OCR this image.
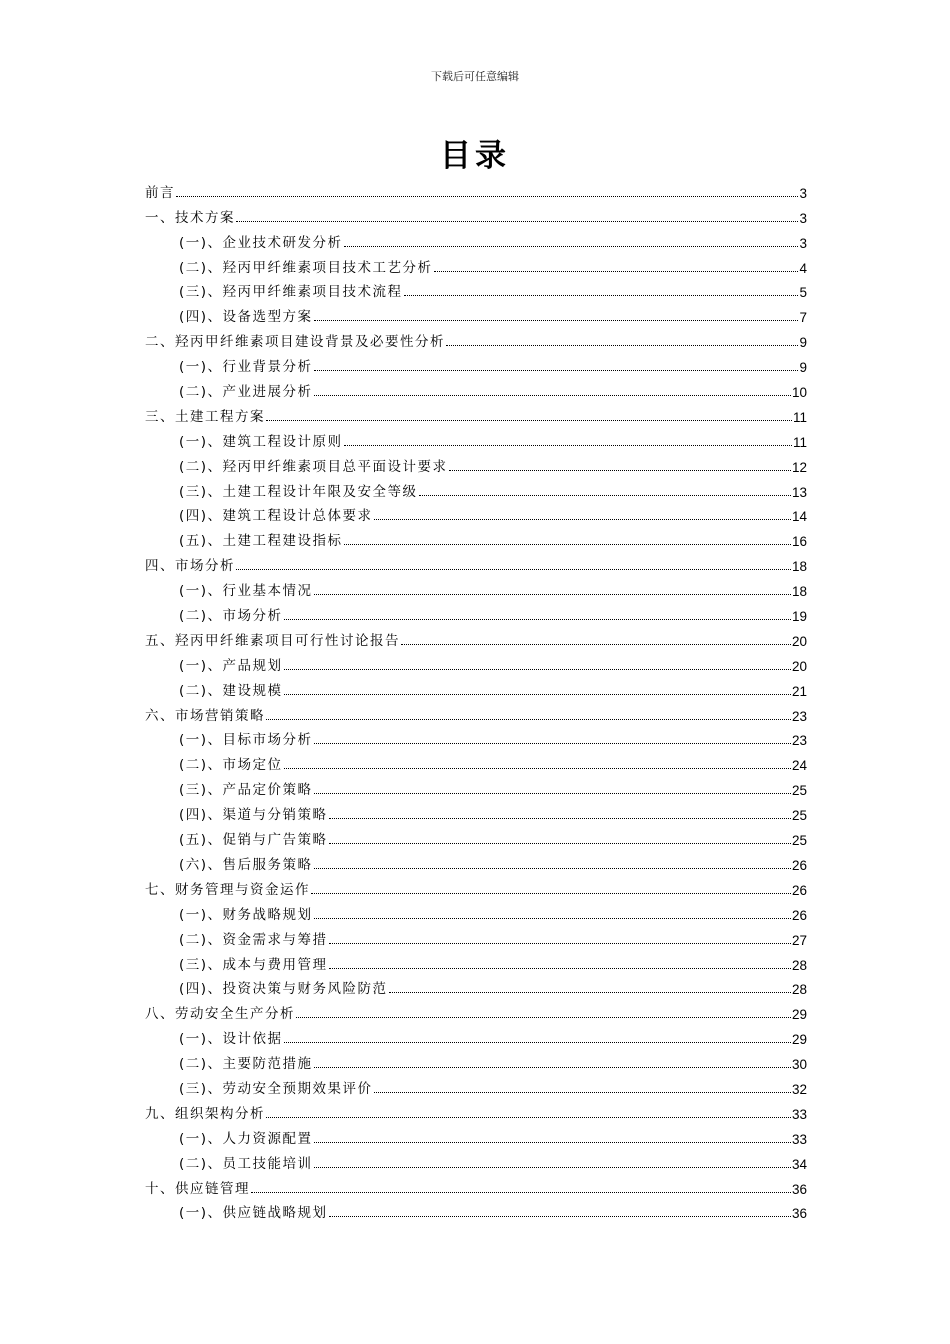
下载后可任意编辑
目录
前言	3
一、技术方案	3
(一)、企业技术研发分析	3
(二)、羟丙甲纤维素项目技术工艺分析	4
(三)、羟丙甲纤维素项目技术流程	5
(四)、设备选型方案	7
二、羟丙甲纤维素项目建设背景及必要性分析	9
(一)、行业背景分析	9
(二)、产业进展分析	10
三、土建工程方案	11
(一)、建筑工程设计原则	11
(二)、羟丙甲纤维素项目总平面设计要求	12
(三)、土建工程设计年限及安全等级	13
(四)、建筑工程设计总体要求	14
(五)、土建工程建设指标	16
四、市场分析	18
(一)、行业基本情况	18
(二)、市场分析	19
五、羟丙甲纤维素项目可行性讨论报告	20
(一)、产品规划	20
(二)、建设规模	21
六、市场营销策略	23
(一)、目标市场分析	23
(二)、市场定位	24
(三)、产品定价策略	25
(四)、渠道与分销策略	25
(五)、促销与广告策略	25
(六)、售后服务策略	26
七、财务管理与资金运作	26
(一)、财务战略规划	26
(二)、资金需求与筹措	27
(三)、成本与费用管理	28
(四)、投资决策与财务风险防范	28
八、劳动安全生产分析	29
(一)、设计依据	29
(二)、主要防范措施	30
(三)、劳动安全预期效果评价	32
九、组织架构分析	33
(一)、人力资源配置	33
(二)、员工技能培训	34
十、供应链管理	36
(一)、供应链战略规划	36
